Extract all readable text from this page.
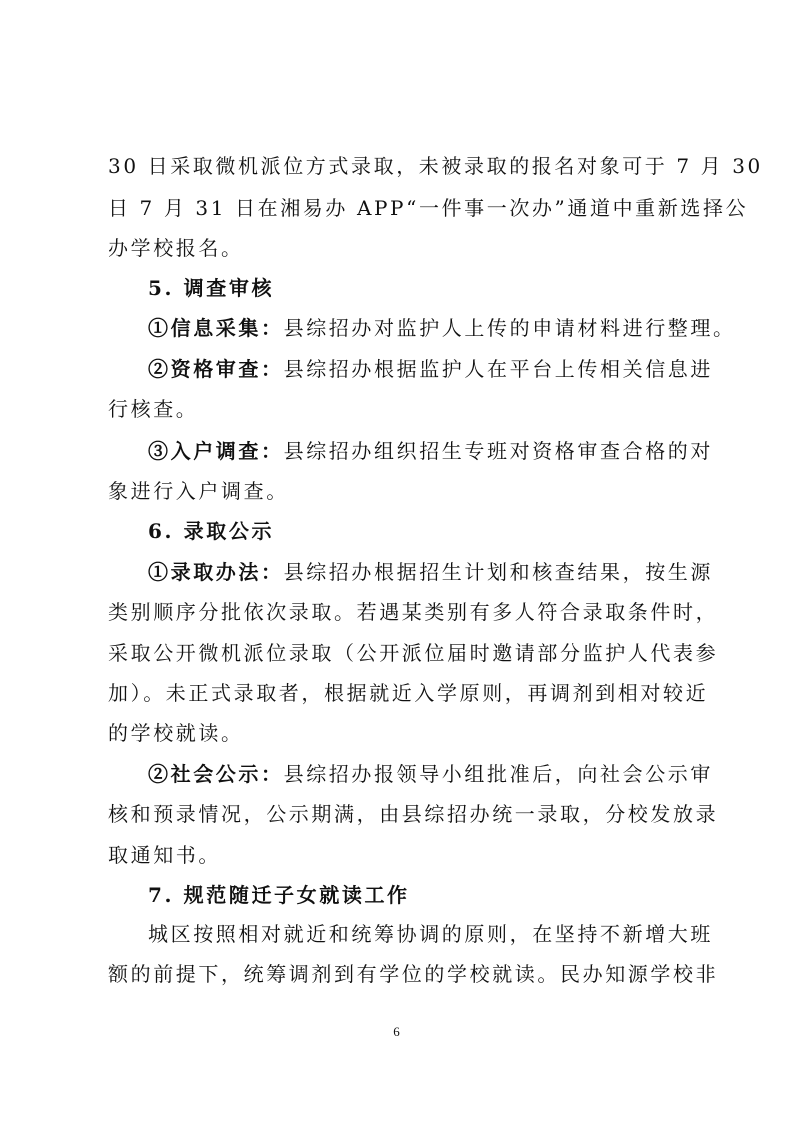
30 日采取微机派位方式录取，未被录取的报名对象可于 7 月 30
日 7 月 31 日在湘易办 APP“一件事一次办”通道中重新选择公
办学校报名。
5. 调查审核
①信息采集：县综招办对监护人上传的申请材料进行整理。
②资格审查：县综招办根据监护人在平台上传相关信息进
行核查。
③入户调查：县综招办组织招生专班对资格审查合格的对
象进行入户调查。
6. 录取公示
①录取办法：县综招办根据招生计划和核查结果，按生源
类别顺序分批依次录取。若遇某类别有多人符合录取条件时，
采取公开微机派位录取（公开派位届时邀请部分监护人代表参
加）。未正式录取者，根据就近入学原则，再调剂到相对较近
的学校就读。
②社会公示：县综招办报领导小组批准后，向社会公示审
核和预录情况，公示期满，由县综招办统一录取，分校发放录
取通知书。
7. 规范随迁子女就读工作
城区按照相对就近和统筹协调的原则，在坚持不新增大班
额的前提下，统筹调剂到有学位的学校就读。民办知源学校非
6
